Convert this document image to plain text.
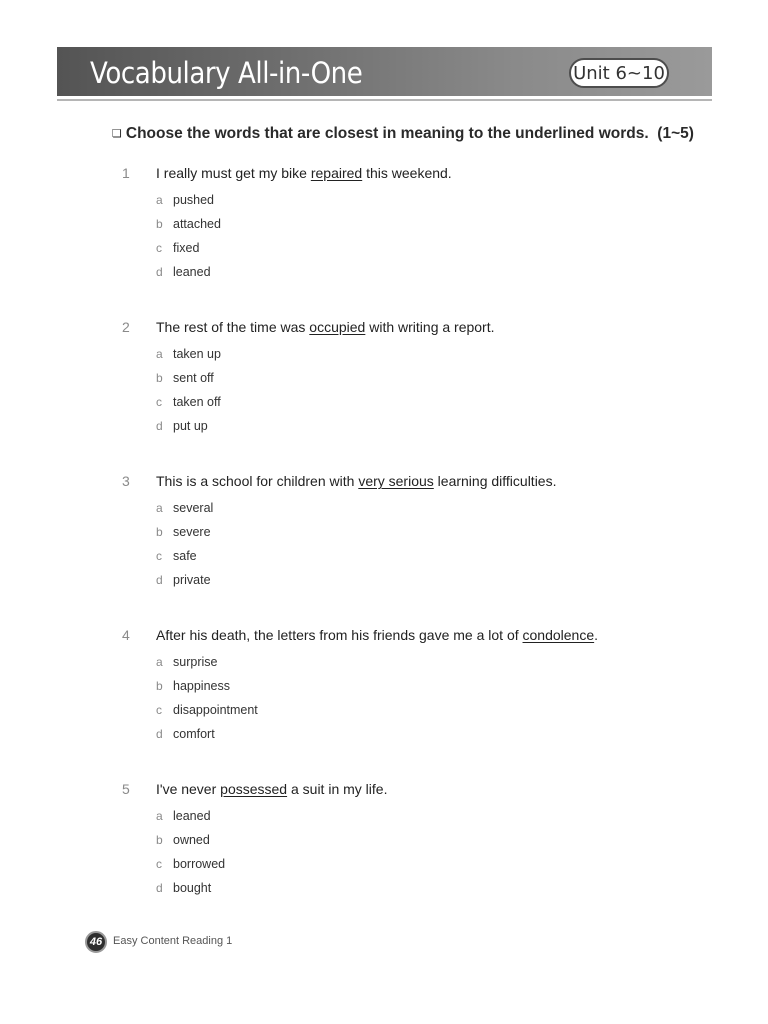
Vocabulary All-in-One	Unit 6~10
❏ Choose the words that are closest in meaning to the underlined words. (1~5)
1 I really must get my bike repaired this weekend.
a pushed
b attached
c fixed
d leaned
2 The rest of the time was occupied with writing a report.
a taken up
b sent off
c taken off
d put up
3 This is a school for children with very serious learning difficulties.
a several
b severe
c safe
d private
4 After his death, the letters from his friends gave me a lot of condolence.
a surprise
b happiness
c disappointment
d comfort
5 I've never possessed a suit in my life.
a leaned
b owned
c borrowed
d bought
46 Easy Content Reading 1
